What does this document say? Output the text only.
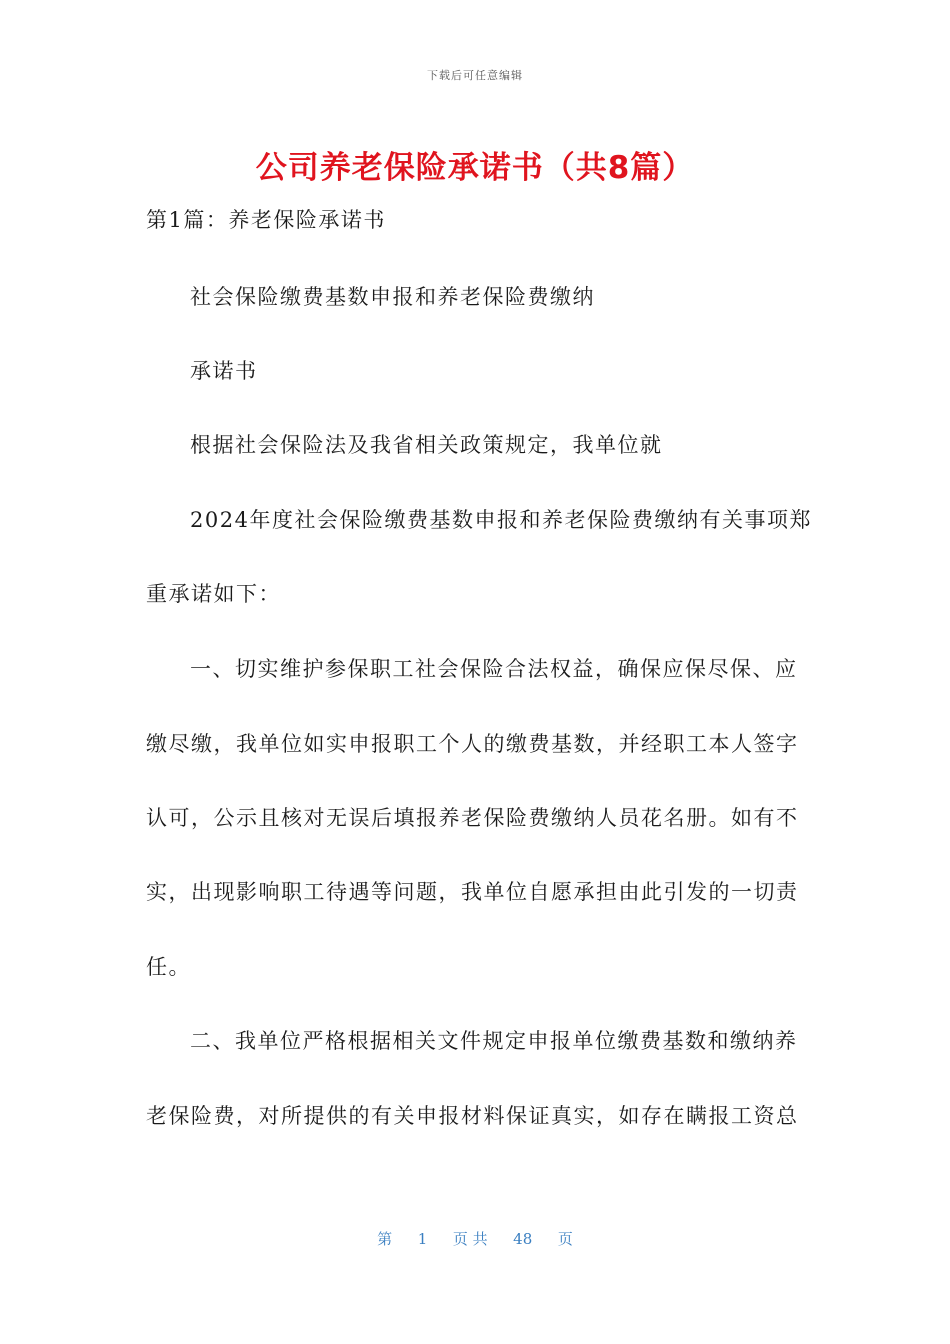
下载后可任意编辑
公司养老保险承诺书（共8篇）
第1篇：养老保险承诺书
社会保险缴费基数申报和养老保险费缴纳
承诺书
根据社会保险法及我省相关政策规定，我单位就
2024年度社会保险缴费基数申报和养老保险费缴纳有关事项郑
重承诺如下：
一、切实维护参保职工社会保险合法权益，确保应保尽保、应
缴尽缴，我单位如实申报职工个人的缴费基数，并经职工本人签字
认可，公示且核对无误后填报养老保险费缴纳人员花名册。如有不
实，出现影响职工待遇等问题，我单位自愿承担由此引发的一切责
任。
二、我单位严格根据相关文件规定申报单位缴费基数和缴纳养
老保险费，对所提供的有关申报材料保证真实，如存在瞒报工资总
第 1 页 共 48 页
